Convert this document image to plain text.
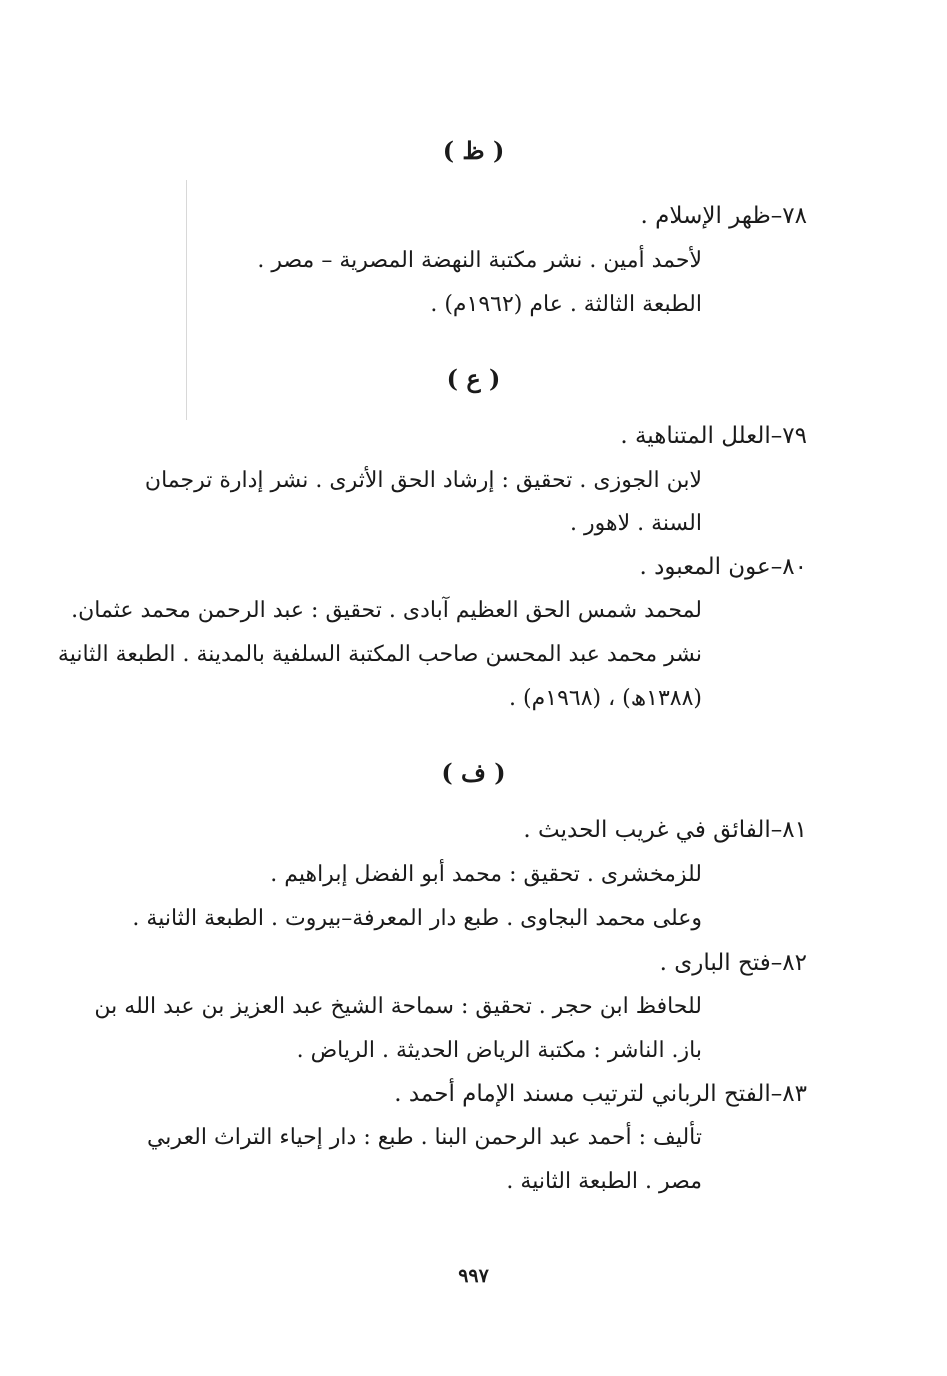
( ظ )
٧٨–ظهر الإسلام .
لأحمد أمين . نشر مكتبة النهضة المصرية – مصر .
الطبعة الثالثة . عام (١٩٦٢م) .
( ع )
٧٩–العلل المتناهية .
لابن الجوزى . تحقيق : إرشاد الحق الأثرى . نشر إدارة ترجمان
السنة . لاهور .
٨٠–عون المعبود .
لمحمد شمس الحق العظيم آبادى . تحقيق : عبد الرحمن محمد عثمان.
نشر محمد عبد المحسن صاحب المكتبة السلفية بالمدينة . الطبعة الثانية
(١٣٨٨ھ) ، (١٩٦٨م) .
( ف )
٨١–الفائق في غريب الحديث .
للزمخشرى . تحقيق : محمد أبو الفضل إبراهيم .
وعلى محمد البجاوى . طبع دار المعرفة–بيروت . الطبعة الثانية .
٨٢–فتح البارى .
للحافظ ابن حجر . تحقيق : سماحة الشيخ عبد العزيز بن عبد الله بن
باز. الناشر : مكتبة الرياض الحديثة . الرياض .
٨٣–الفتح الرباني لترتيب مسند الإمام أحمد .
تأليف : أحمد عبد الرحمن البنا . طبع : دار إحياء التراث العربي
مصر . الطبعة الثانية .
٩٩٧
